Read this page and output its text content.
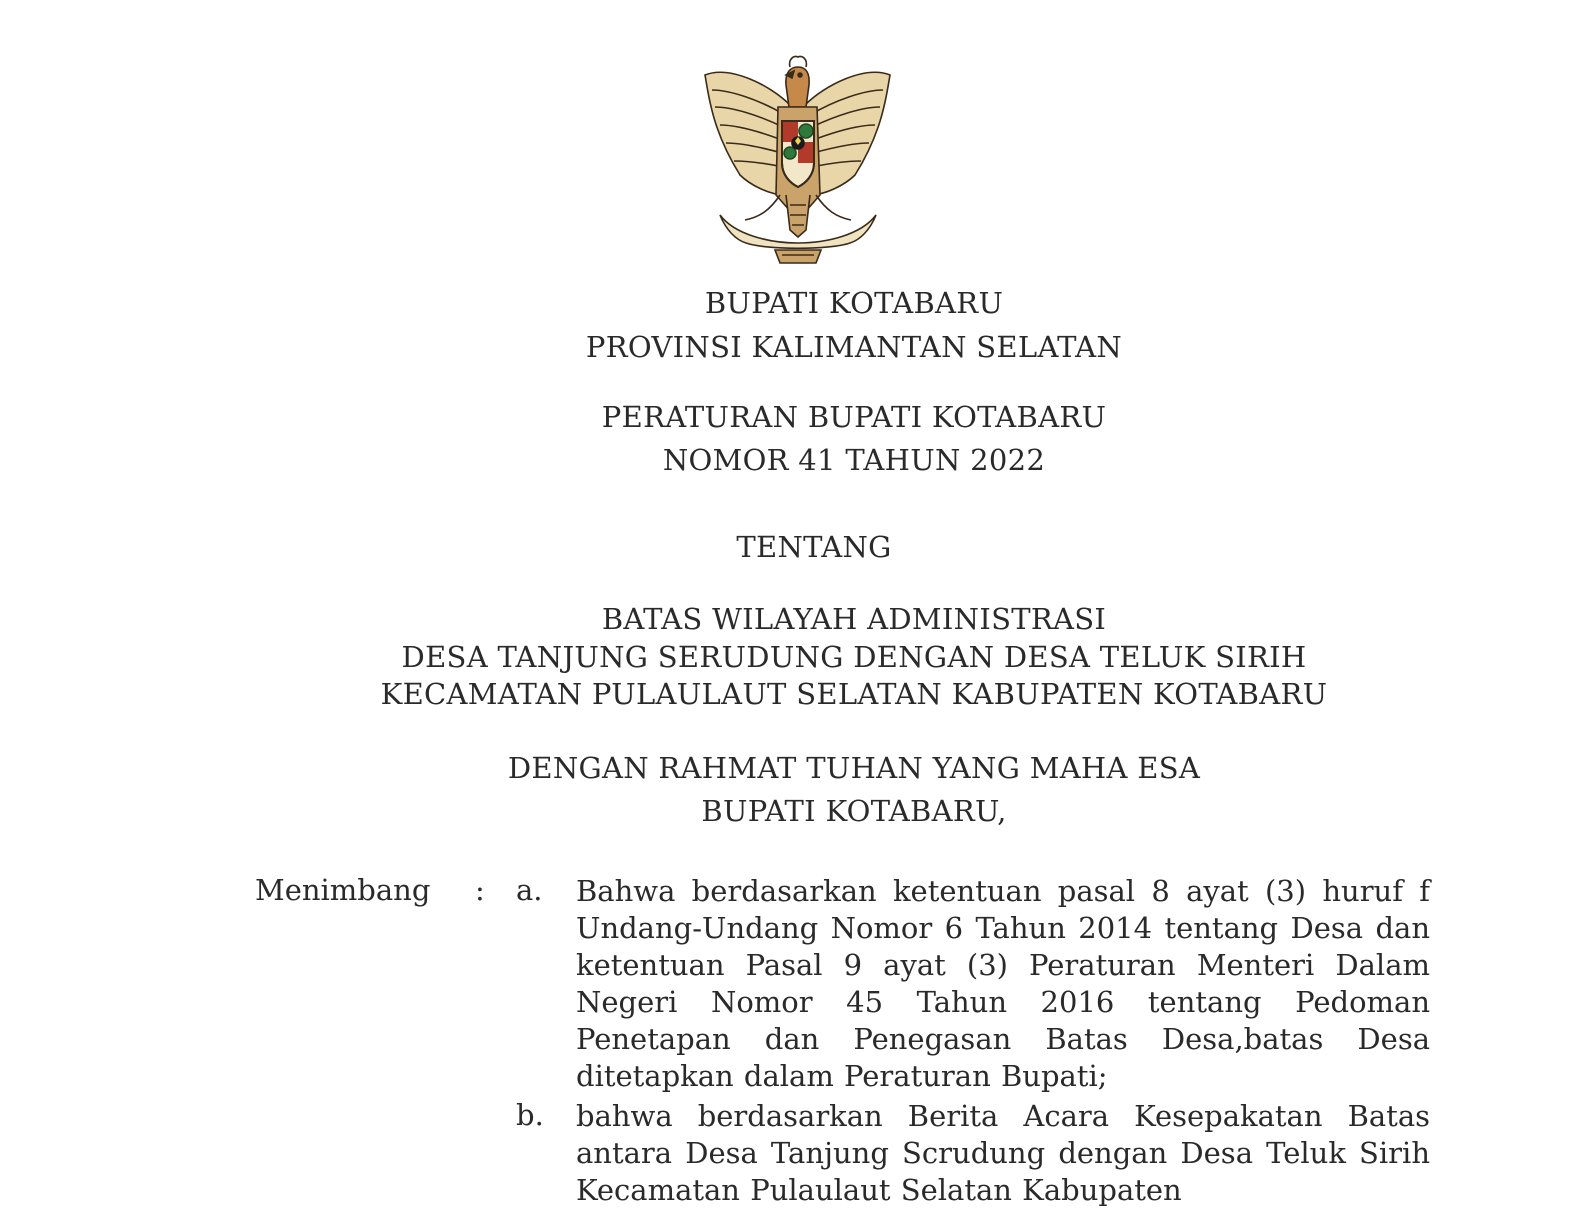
BUPATI KOTABARU
PROVINSI KALIMANTAN SELATAN
PERATURAN BUPATI KOTABARU
NOMOR 41 TAHUN 2022
TENTANG
BATAS WILAYAH ADMINISTRASI
DESA TANJUNG SERUDUNG DENGAN DESA TELUK SIRIH
KECAMATAN PULAULAUT SELATAN KABUPATEN KOTABARU
DENGAN RAHMAT TUHAN YANG MAHA ESA
BUPATI KOTABARU,
Menimbang : a. Bahwa berdasarkan ketentuan pasal 8 ayat (3) huruf f Undang-Undang Nomor 6 Tahun 2014 tentang Desa dan ketentuan Pasal 9 ayat (3) Peraturan Menteri Dalam Negeri Nomor 45 Tahun 2016 tentang Pedoman Penetapan dan Penegasan Batas Desa,batas Desa ditetapkan dalam Peraturan Bupati;
b. bahwa berdasarkan Berita Acara Kesepakatan Batas antara Desa Tanjung Scrudung dengan Desa Teluk Sirih Kecamatan Pulaulaut Selatan Kabupaten
